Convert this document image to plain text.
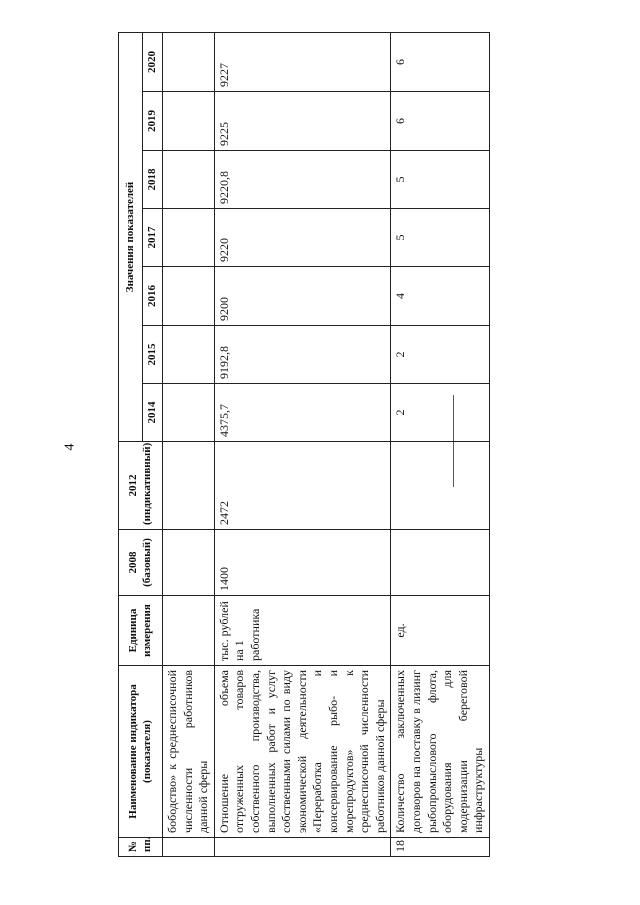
4
№ пп.	Наименование индикатора (показателя)	Единица измерения	2008 (базовый)	2012 (индикативный)	Значения показателей						
					2014	2015	2016	2017	2018	2019	2020
	бободство» к среднесписочной численности работников данной сферы										
	Отношение объема отгруженных товаров собственного производства, выполненных работ и услуг собственными силами по виду экономической деятельности «Переработка и консервирование рыбо- и морепродуктов» к среднесписочной численности работников данной сферы	тыс. рублей на 1 работника	1400	2472	4375,7	9192,8	9200	9220	9220,8	9225	9227
18	Количество заключенных договоров на поставку в лизинг рыбопромыслового флота, оборудования для модернизации береговой инфраструктуры	ед.			2	2	4	5	5	6	6
